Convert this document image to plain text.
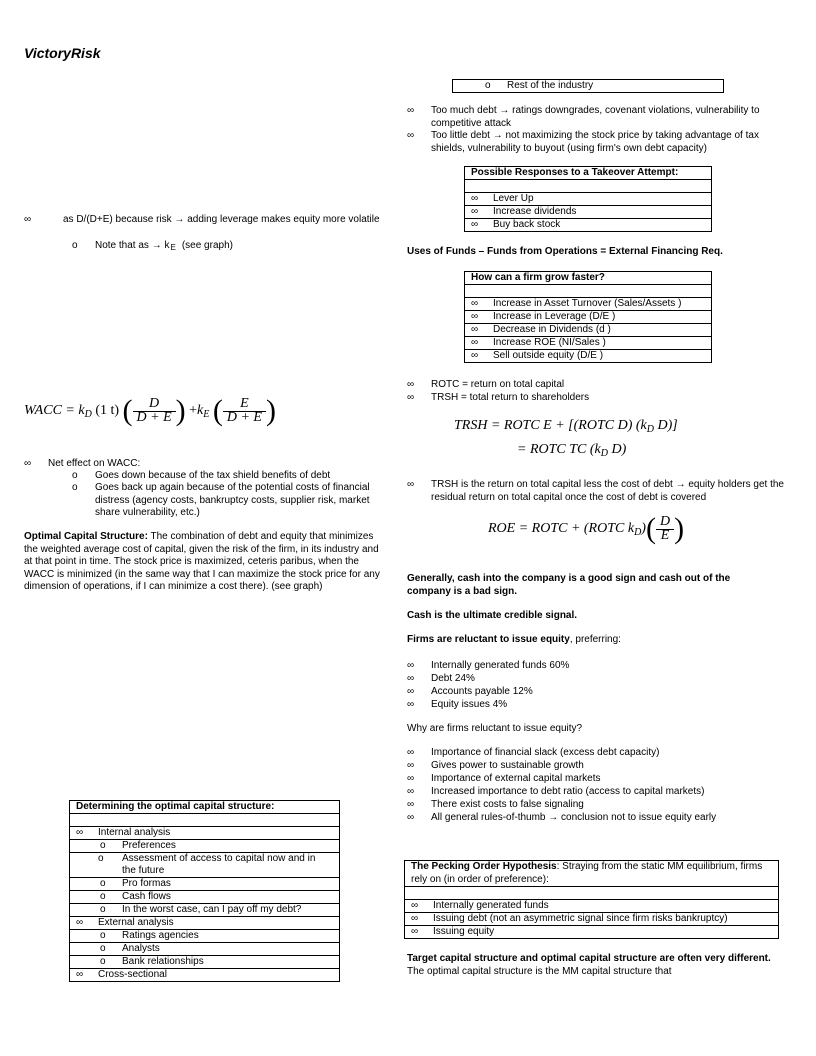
VictoryRisk
∞	as D/(D+E) because risk → adding leverage makes equity more volatile
o Note that as → $k_E$ (see graph)
WACC = $k_D$ (1 t) ( $\frac{D}{D + E}$ ) $+k_E$ ( $\frac{E}{D + E}$ )
∞ Net effect on WACC:
o Goes down because of the tax shield benefits of debt
o Goes back up again because of the potential costs of financial distress (agency costs, bankruptcy costs, supplier risk, market share vulnerability, etc.)

Optimal Capital Structure: The combination of debt and equity that minimizes the weighted average cost of capital, given the risk of the firm, in its industry and at that point in time. The stock price is maximized, ceteris paribus, when the WACC is minimized (in the same way that I can maximize the stock price for any dimension of operations, if I can minimize a cost there). (see graph)

Determining the optimal capital structure:

∞ Internal analysis
o Preferences

o Assessment of access to capital now and in the future

o Pro formas
o Cash flows
o In the worst case, can I pay off my debt?
∞ External analysis
o Ratings agencies
o Analysts
o Bank relationships
∞ Cross-sectional
o Rest of the industry
∞ Too much debt → ratings downgrades, covenant violations, vulnerability to competitive attack
∞ Too little debt → not maximizing the stock price by taking advantage of tax shields, vulnerability to buyout (using firm's own debt capacity)
Possible Responses to a Takeover Attempt:

∞ Lever Up
∞ Increase dividends
∞ Buy back stock
Uses of Funds – Funds from Operations = External Financing Req.
How can a firm grow faster?

∞ Increase in Asset Turnover (Sales/Assets )
∞ Increase in Leverage (D/E )
∞ Decrease in Dividends (d )
∞ Increase ROE (NI/Sales )
∞ Sell outside equity (D/E )
∞ ROTC = return on total capital
∞ TRSH = total return to shareholders
TRSH = ROTC E + [(ROTC D) ($k_D$ D)]
= ROTC TC ($k_D$ D)
∞ TRSH is the return on total capital less the cost of debt → equity holders get the residual return on total capital once the cost of debt is covered
ROE = ROTC + (ROTC $k_D)( \frac{D}{E}$ )

Generally, cash into the company is a good sign and cash out of the company is a bad sign.

Cash is the ultimate credible signal.

Firms are reluctant to issue equity, preferring:

∞ Internally generated funds 60%
∞ Debt 24%
∞ Accounts payable 12%
∞ Equity issues 4%

Why are firms reluctant to issue equity?

∞ Importance of financial slack (excess debt capacity)
∞ Gives power to sustainable growth
∞ Importance of external capital markets
∞ Increased importance to debt ratio (access to capital markets)
∞ There exist costs to false signaling
∞ All general rules-of-thumb → conclusion not to issue equity early
The Pecking Order Hypothesis: Straying from the static MM equilibrium, firms rely on (in order of preference):

∞ Internally generated funds
∞ Issuing debt (not an asymmetric signal since firm risks bankruptcy)
∞ Issuing equity

Target capital structure and optimal capital structure are often very different. The optimal capital structure is the MM capital structure that
